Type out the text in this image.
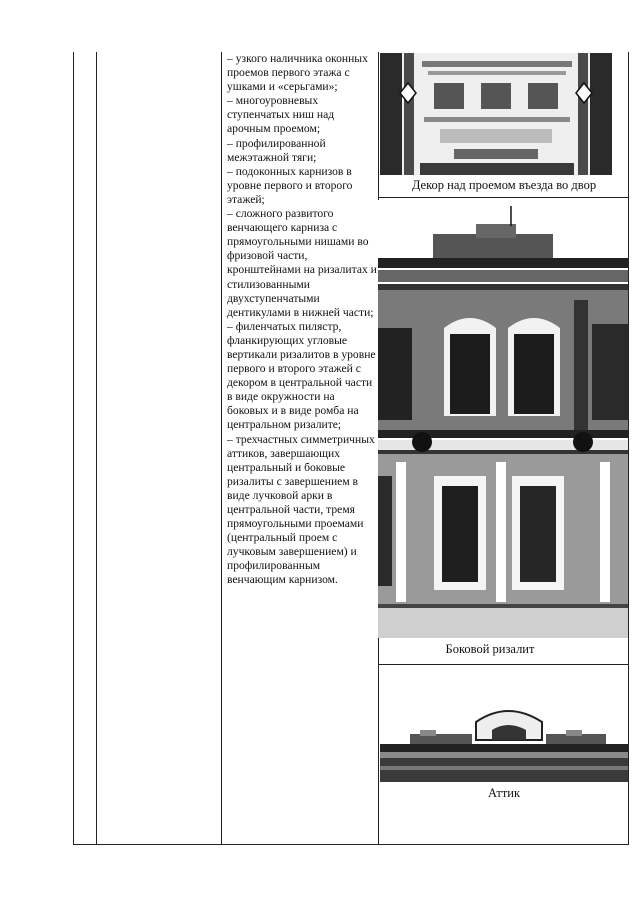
– узкого наличника оконных проемов первого этажа с ушками и «серьгами»;

– многоуровневых ступенчатых ниш над арочным проемом;

– профилированной межэтажной тяги;

– подоконных карнизов в уровне первого и второго этажей;

– сложного развитого венчающего карниза с прямоугольными нишами во фризовой части, кронштейнами на ризалитах и стилизованными двухступенчатыми дентикулами в нижней части;

– филенчатых пилястр, фланкирующих угловые вертикали ризалитов в уровне первого и второго этажей с декором в центральной части в виде окружности на боковых и в виде ромба на центральном ризалите;

– трехчастных симметричных аттиков, завершающих центральный и боковые ризалиты с завершением в виде лучковой арки в центральной части, тремя прямоугольными проемами (центральный проем с лучковым завершением) и профилированным венчающим карнизом.

Декор над проемом въезда во двор
Боковой ризалит
Аттик
